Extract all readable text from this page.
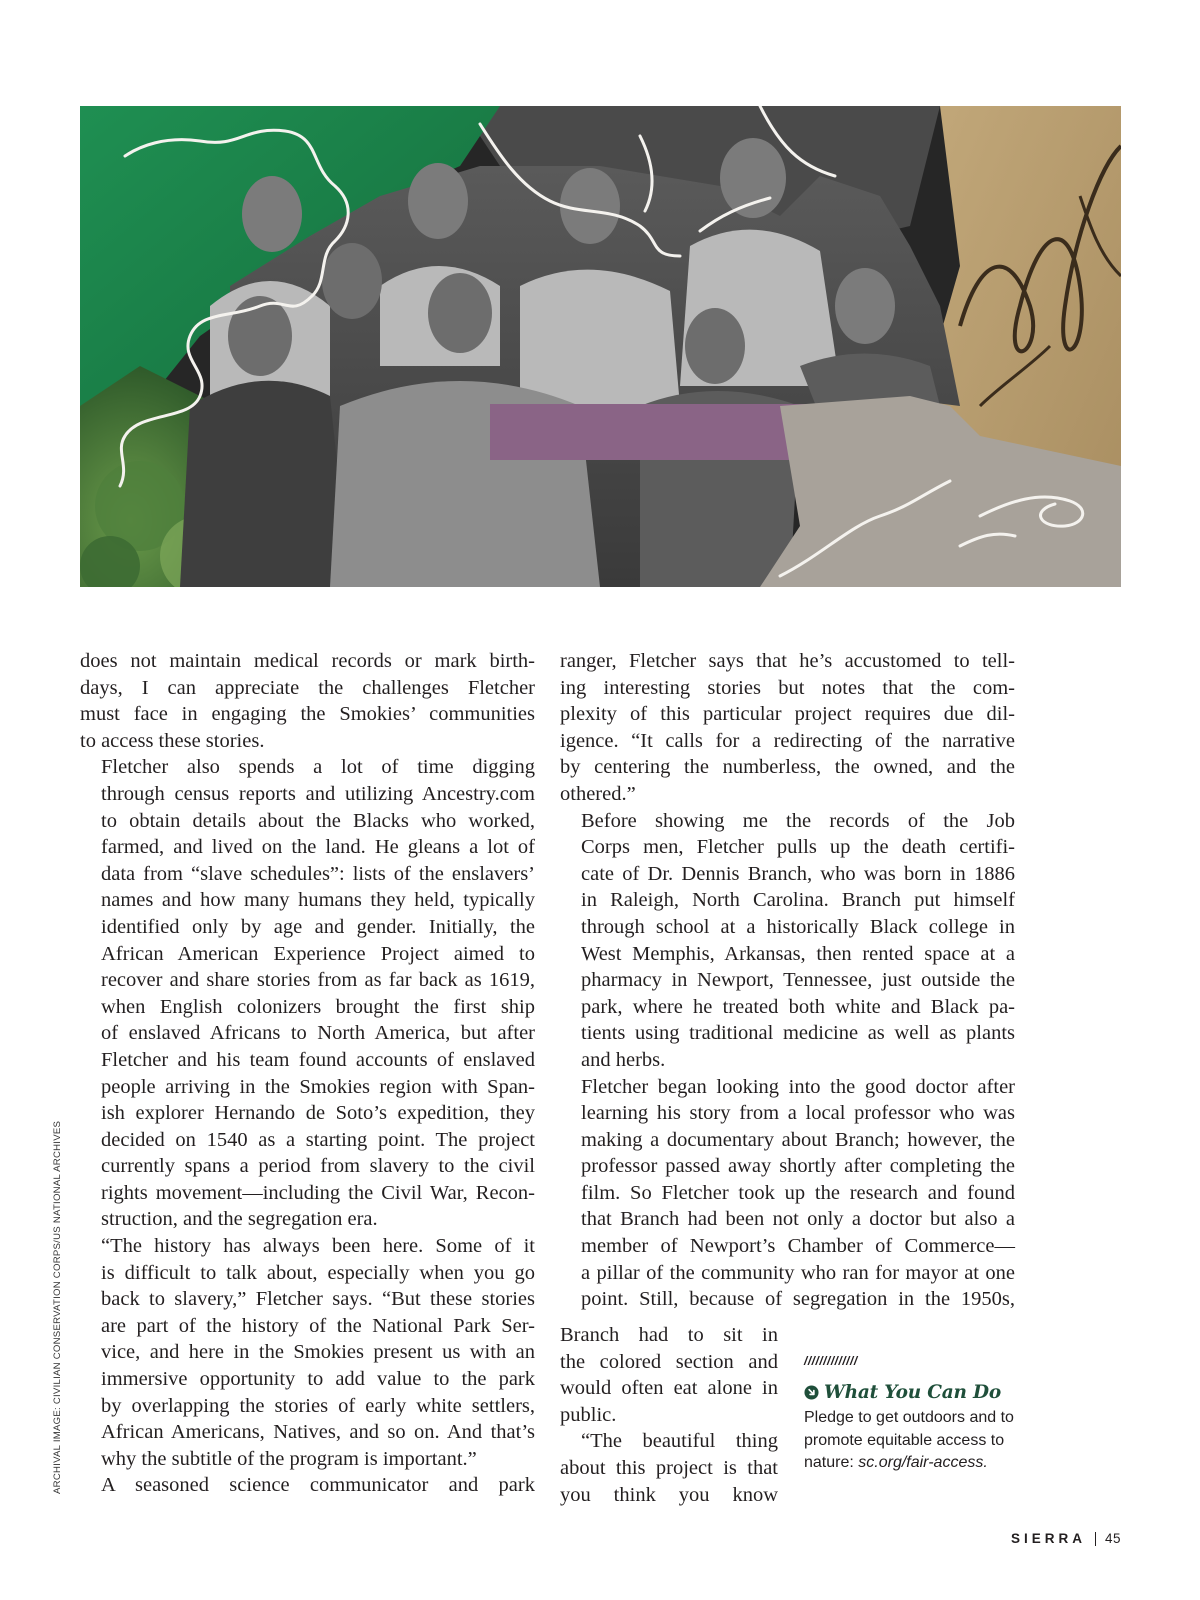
ARCHIVAL IMAGE: CIVILIAN CONSERVATION CORPS/US NATIONAL ARCHIVES

does not maintain medical records or mark birth-
days, I can appreciate the challenges Fletcher
must face in engaging the Smokies’ communities
to access these stories.

Fletcher also spends a lot of time digging
through census reports and utilizing Ancestry.com
to obtain details about the Blacks who worked,
farmed, and lived on the land. He gleans a lot of
data from “slave schedules”: lists of the enslavers’
names and how many humans they held, typically
identified only by age and gender. Initially, the
African American Experience Project aimed to
recover and share stories from as far back as 1619,
when English colonizers brought the first ship
of enslaved Africans to North America, but after
Fletcher and his team found accounts of enslaved
people arriving in the Smokies region with Span-
ish explorer Hernando de Soto’s expedition, they
decided on 1540 as a starting point. The project
currently spans a period from slavery to the civil
rights movement—including the Civil War, Recon-
struction, and the segregation era.

“The history has always been here. Some of it
is difficult to talk about, especially when you go
back to slavery,” Fletcher says. “But these stories
are part of the history of the National Park Ser-
vice, and here in the Smokies present us with an
immersive opportunity to add value to the park
by overlapping the stories of early white settlers,
African Americans, Natives, and so on. And that’s
why the subtitle of the program is important.”

A seasoned science communicator and park

ranger, Fletcher says that he’s accustomed to tell-
ing interesting stories but notes that the com-
plexity of this particular project requires due dil-
igence. “It calls for a redirecting of the narrative
by centering the numberless, the owned, and the
othered.”

Before showing me the records of the Job
Corps men, Fletcher pulls up the death certifi-
cate of Dr. Dennis Branch, who was born in 1886
in Raleigh, North Carolina. Branch put himself
through school at a historically Black college in
West Memphis, Arkansas, then rented space at a
pharmacy in Newport, Tennessee, just outside the
park, where he treated both white and Black pa-
tients using traditional medicine as well as plants
and herbs.

Fletcher began looking into the good doctor after
learning his story from a local professor who was
making a documentary about Branch; however, the
professor passed away shortly after completing the
film. So Fletcher took up the research and found
that Branch had been not only a doctor but also a
member of Newport’s Chamber of Commerce—
a pillar of the community who ran for mayor at one
point. Still, because of segregation in the 1950s,

Branch had to sit in
the colored section and
would often eat alone in
public.
“The beautiful thing
about this project is that
you think you know
//////////////
What You Can Do
Pledge to get outdoors and to promote equitable access to nature: sc.org/fair-access.
SIERRA 45
